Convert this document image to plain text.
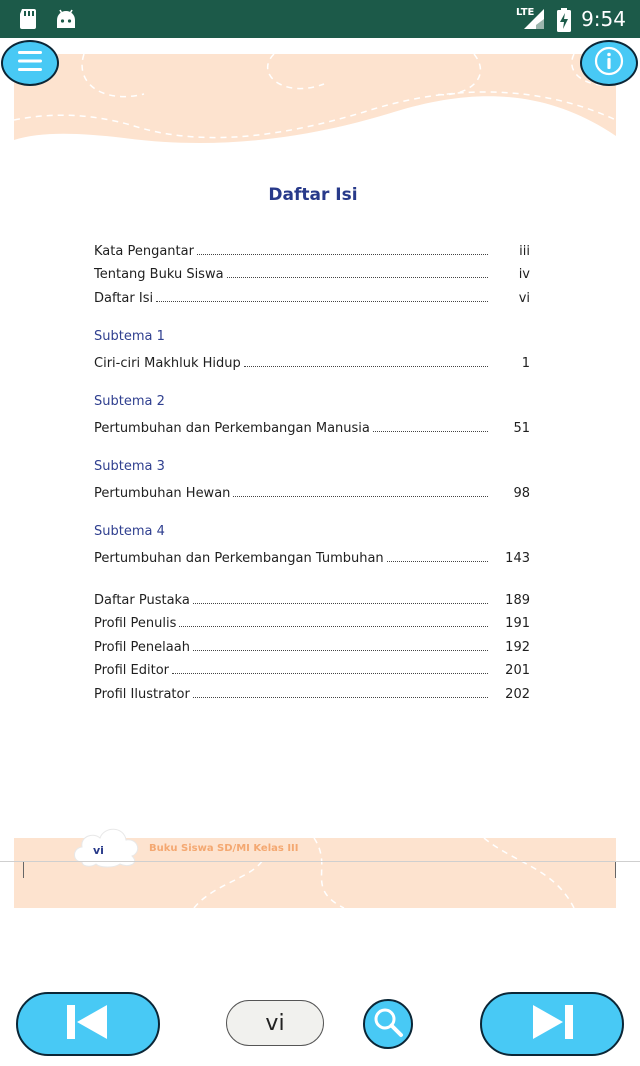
LTE 9:54
Daftar Isi
Kata Pengantar	iii
Tentang Buku Siswa	iv
Daftar Isi	vi
Subtema 1
Ciri-ciri Makhluk Hidup	1
Subtema 2
Pertumbuhan dan Perkembangan Manusia	51
Subtema 3
Pertumbuhan Hewan	98
Subtema 4
Pertumbuhan dan Perkembangan Tumbuhan	143
Daftar Pustaka	189
Profil Penulis	191
Profil Penelaah	192
Profil Editor	201
Profil Ilustrator	202
vi	Buku Siswa SD/MI Kelas III
vi
